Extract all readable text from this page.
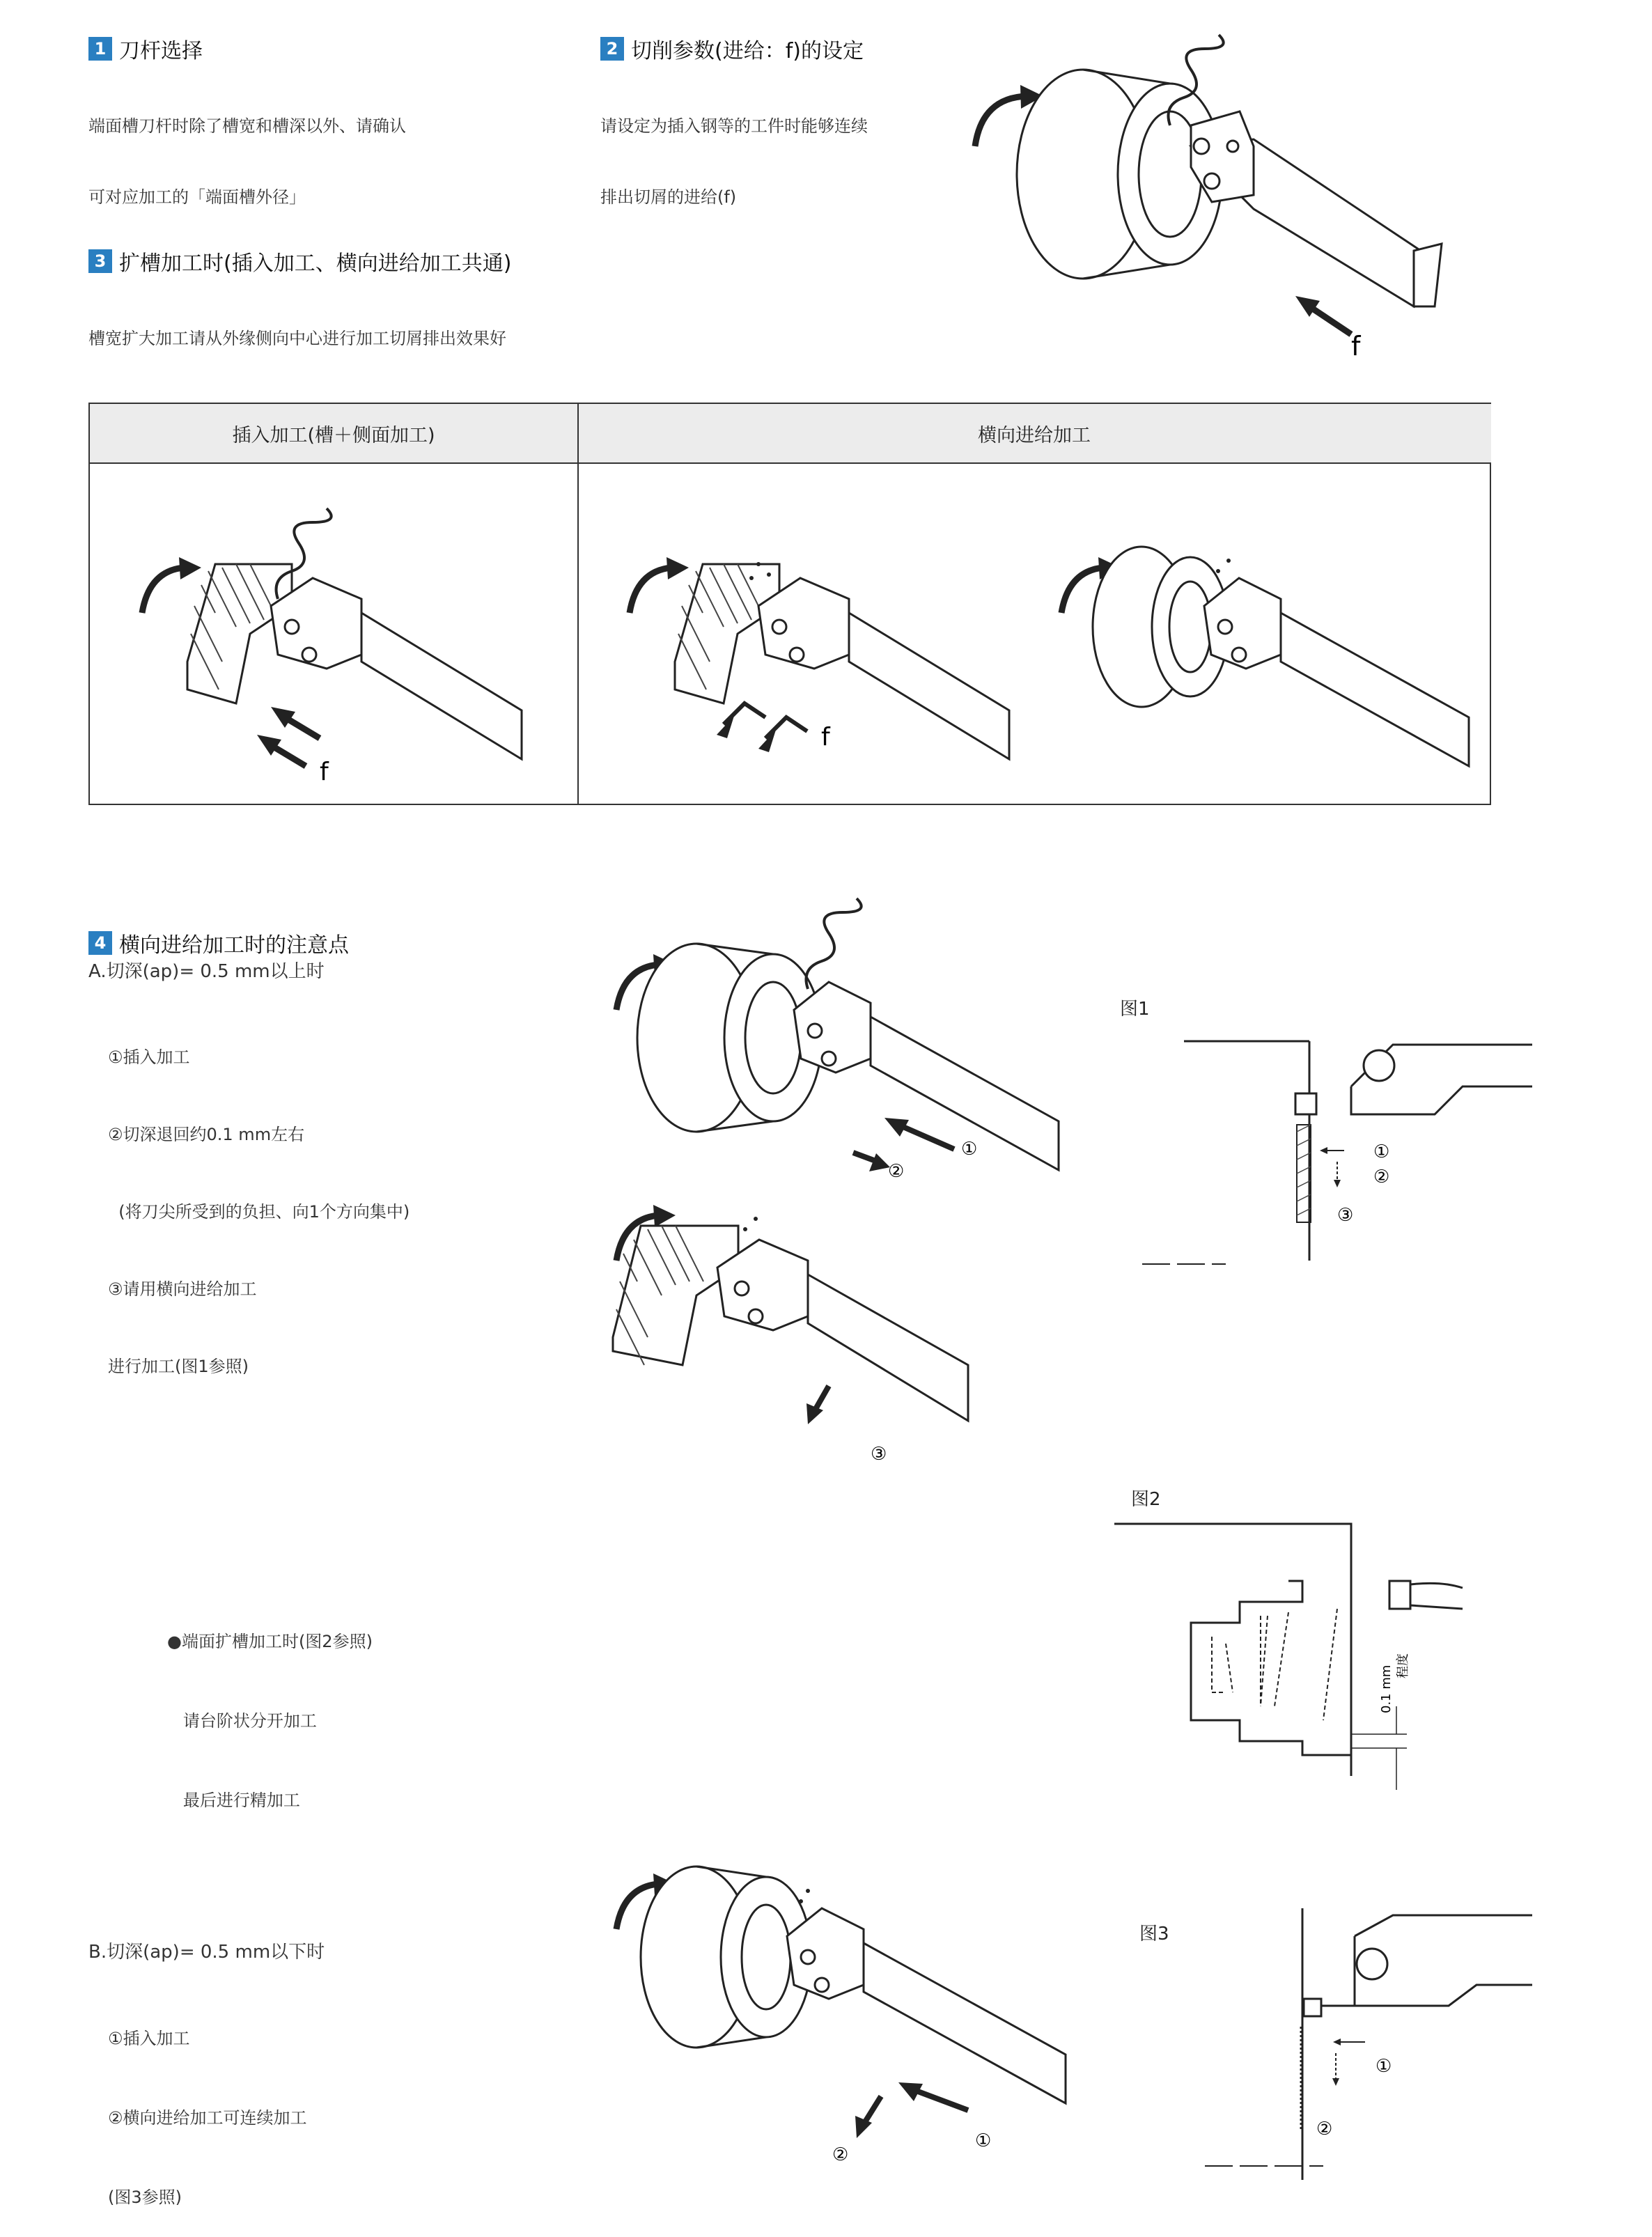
1 刀杆选择

端面槽刀杆时除了槽宽和槽深以外、请确认

可对应加工的「端面槽外径」

2 切削参数(进给：f)的设定

请设定为插入钢等的工件时能够连续

排出切屑的进给(f)

3 扩槽加工时(插入加工、横向进给加工共通)

槽宽扩大加工请从外缘侧向中心进行加工切屑排出效果好	f
插入加工(槽＋侧面加工)	横向进给加工
f
f
4 横向进给加工时的注意点
A.切深(ap)= 0.5 mm以上时

①插入加工

②切深退回约0.1 mm左右

(将刀尖所受到的负担、向1个方向集中)

③请用横向进给加工

进行加工(图1参照)

①
②
③
图1
①
②
③

●端面扩槽加工时(图2参照)

请台阶状分开加工

最后进行精加工

图2
0.1 mm 程度
B.切深(ap)= 0.5 mm以下时

①插入加工

②横向进给加工可连续加工

(图3参照)

①
②
图3
①
②
